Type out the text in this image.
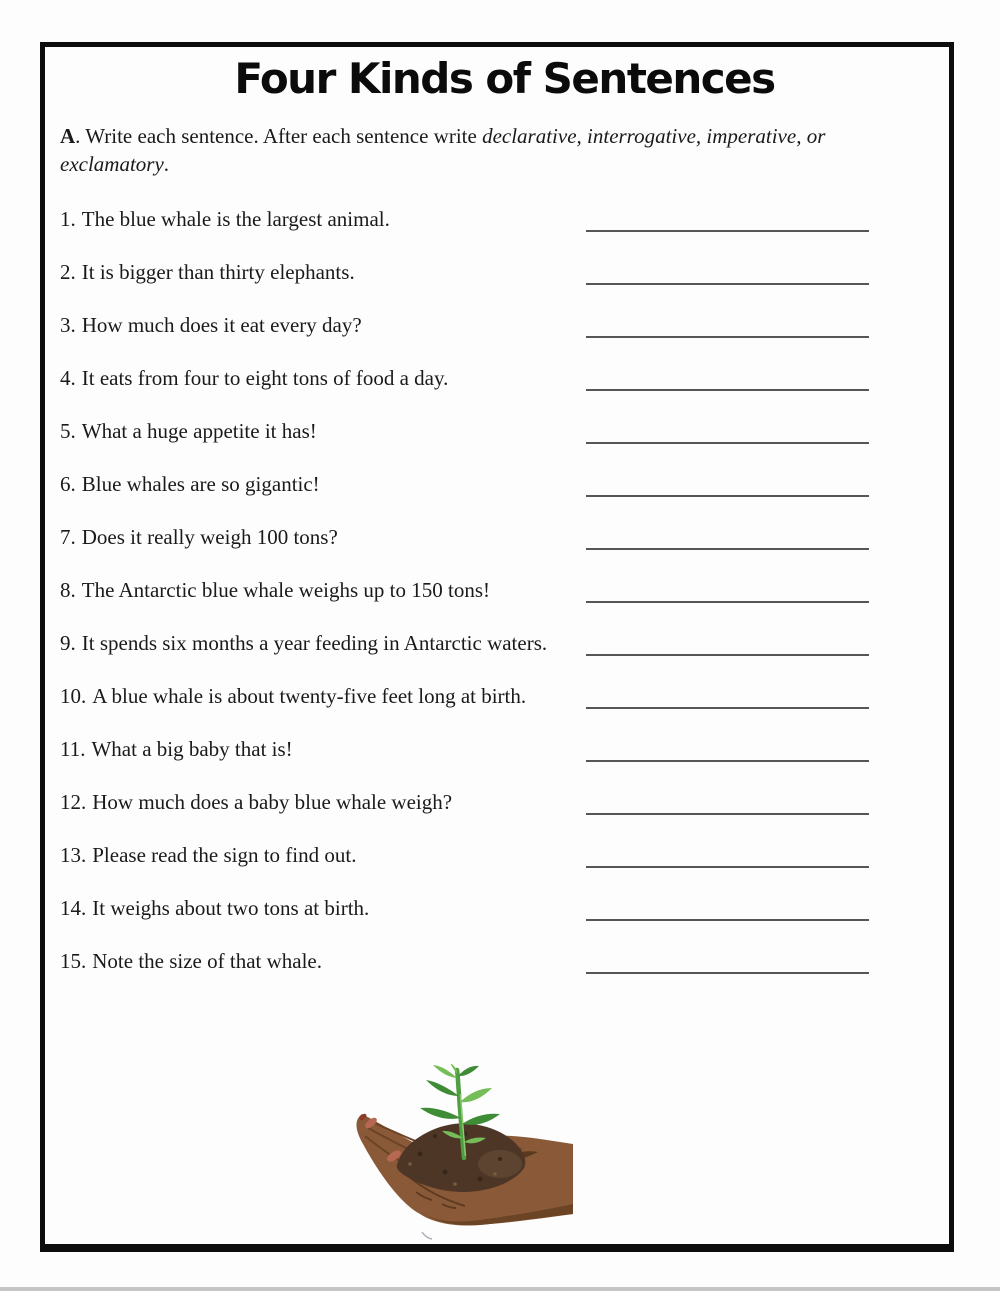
Four Kinds of Sentences

A. Write each sentence. After each sentence write declarative, interrogative, imperative, or
exclamatory.

1. The blue whale is the largest animal.
2. It is bigger than thirty elephants.
3. How much does it eat every day?
4. It eats from four to eight tons of food a day.
5. What a huge appetite it has!
6. Blue whales are so gigantic!
7. Does it really weigh 100 tons?
8. The Antarctic blue whale weighs up to 150 tons!
9. It spends six months a year feeding in Antarctic waters.
10. A blue whale is about twenty-five feet long at birth.
11. What a big baby that is!
12. How much does a baby blue whale weigh?
13. Please read the sign to find out.
14. It weighs about two tons at birth.
15. Note the size of that whale.
